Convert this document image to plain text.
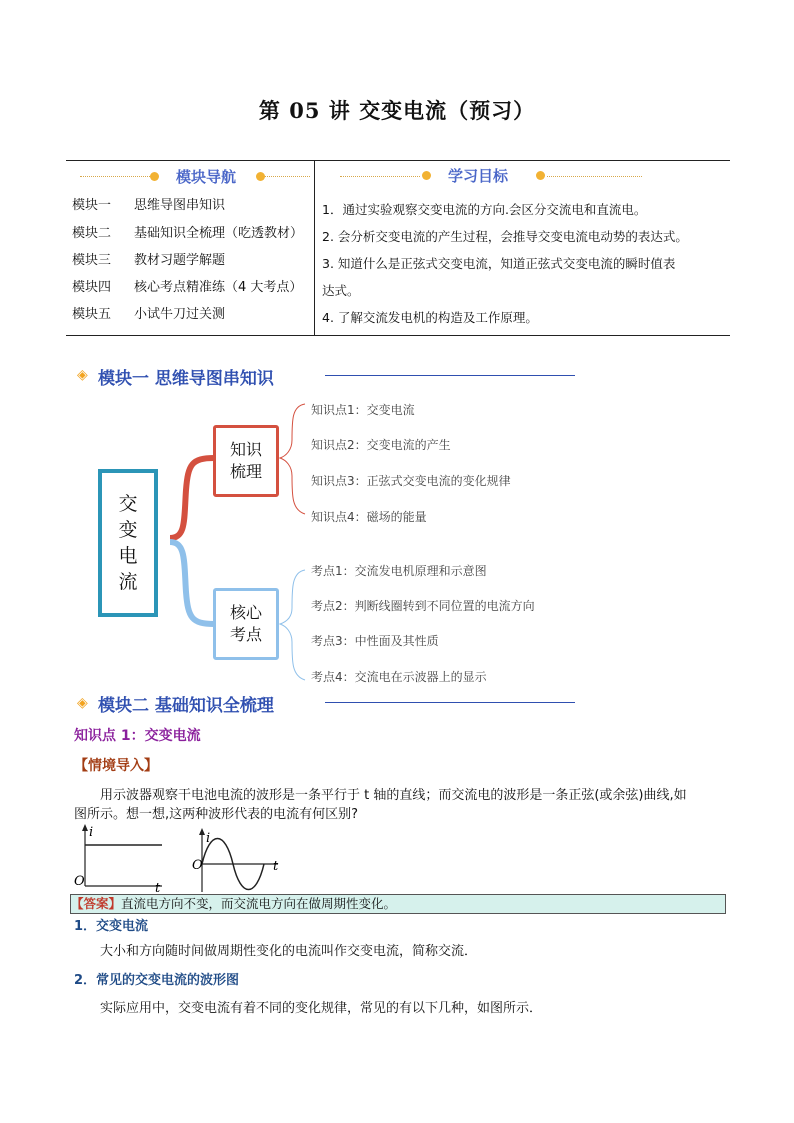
第 05 讲 交变电流（预习）
模块导航
模块一 思维导图串知识
模块二 基础知识全梳理（吃透教材）
模块三 教材习题学解题
模块四 核心考点精准练（4 大考点）
模块五 小试牛刀过关测
学习目标
1．通过实验观察交变电流的方向.会区分交流电和直流电。
2. 会分析交变电流的产生过程，会推导交变电流电动势的表达式。
3. 知道什么是正弦式交变电流，知道正弦式交变电流的瞬时值表
达式。
4. 了解交流发电机的构造及工作原理。
◈ 模块一 思维导图串知识
交
变
电
流
知识
梳理
核心
考点
知识点1：交变电流
知识点2：交变电流的产生
知识点3：正弦式交变电流的变化规律
知识点4：磁场的能量
考点1：交流发电机原理和示意图
考点2：判断线圈转到不同位置的电流方向
考点3：中性面及其性质
考点4：交流电在示波器上的显示
◈ 模块二 基础知识全梳理
知识点 1：交变电流
【情境导入】
用示波器观察干电池电流的波形是一条平行于 t 轴的直线；而交流电的波形是一条正弦(或余弦)曲线,如
图所示。想一想,这两种波形代表的电流有何区别?
i
O	t
i
O	t
【答案】直流电方向不变，而交流电方向在做周期性变化。
1．交变电流
大小和方向随时间做周期性变化的电流叫作交变电流，简称交流．
2．常见的交变电流的波形图
实际应用中，交变电流有着不同的变化规律，常见的有以下几种，如图所示．
